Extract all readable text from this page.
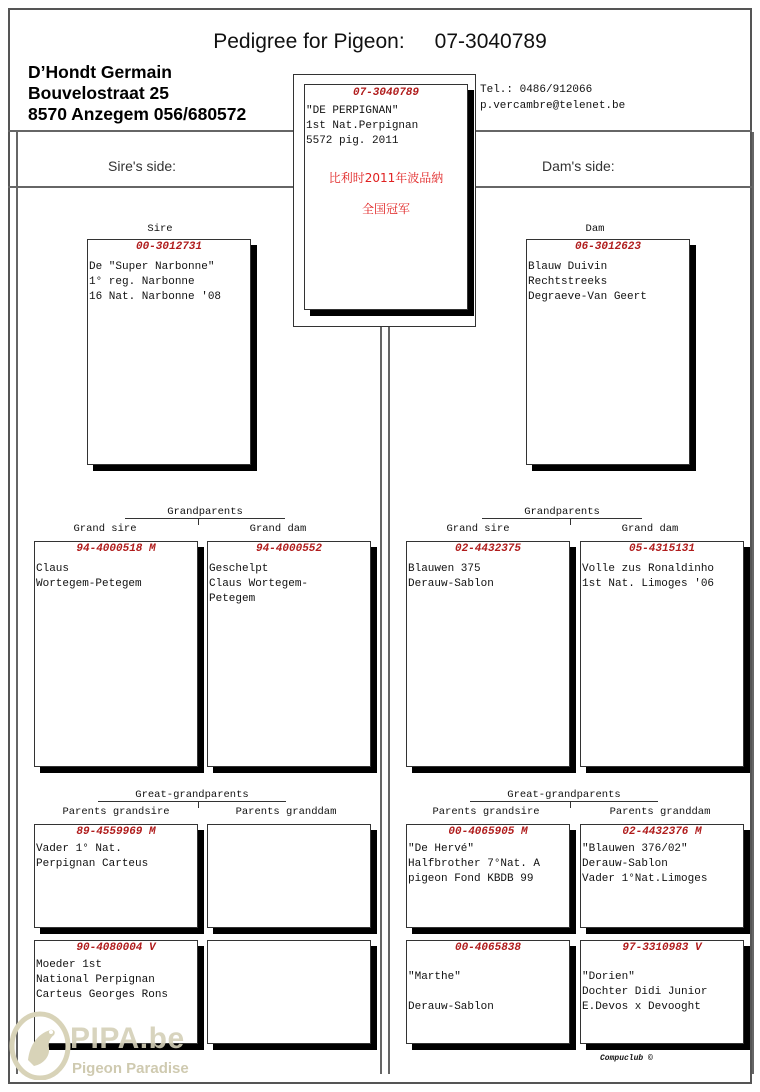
Pedigree for Pigeon: 07-3040789
D’Hondt Germain
Bouvelostraat 25
8570 Anzegem 056/680572
Tel.: 0486/912066
p.vercambre@telenet.be
Sire's side:	Dam's side:
07-3040789
"DE PERPIGNAN"
1st Nat.Perpignan
5572 pig. 2011
比利时2011年波品納
全国冠军
Sire	Dam
00-3012731
De "Super Narbonne"
1° reg. Narbonne
16 Nat. Narbonne '08
06-3012623
Blauw Duivin
Rechtstreeks
Degraeve-Van Geert
Grandparents
Grand sire	Grand dam
Grandparents
Grand sire	Grand dam
94-4000518 M
Claus
Wortegem-Petegem
94-4000552
Geschelpt
Claus Wortegem-
Petegem
02-4432375
Blauwen 375
Derauw-Sablon
05-4315131
Volle zus Ronaldinho
1st Nat. Limoges '06
Great-grandparents
Parents grandsire	Parents granddam
Great-grandparents
Parents grandsire	Parents granddam
89-4559969 M
Vader 1° Nat.
Perpignan Carteus
90-4080004 V
Moeder 1st
National Perpignan
Carteus Georges Rons
00-4065905 M
"De Hervé"
Halfbrother 7°Nat. A
pigeon Fond KBDB 99
02-4432376 M
"Blauwen 376/02"
Derauw-Sablon
Vader 1°Nat.Limoges
00-4065838
"Marthe"
Derauw-Sablon
97-3310983 V
"Dorien"
Dochter Didi Junior
E.Devos x Devooght
Compuclub ©
PIPA.be
Pigeon Paradise
